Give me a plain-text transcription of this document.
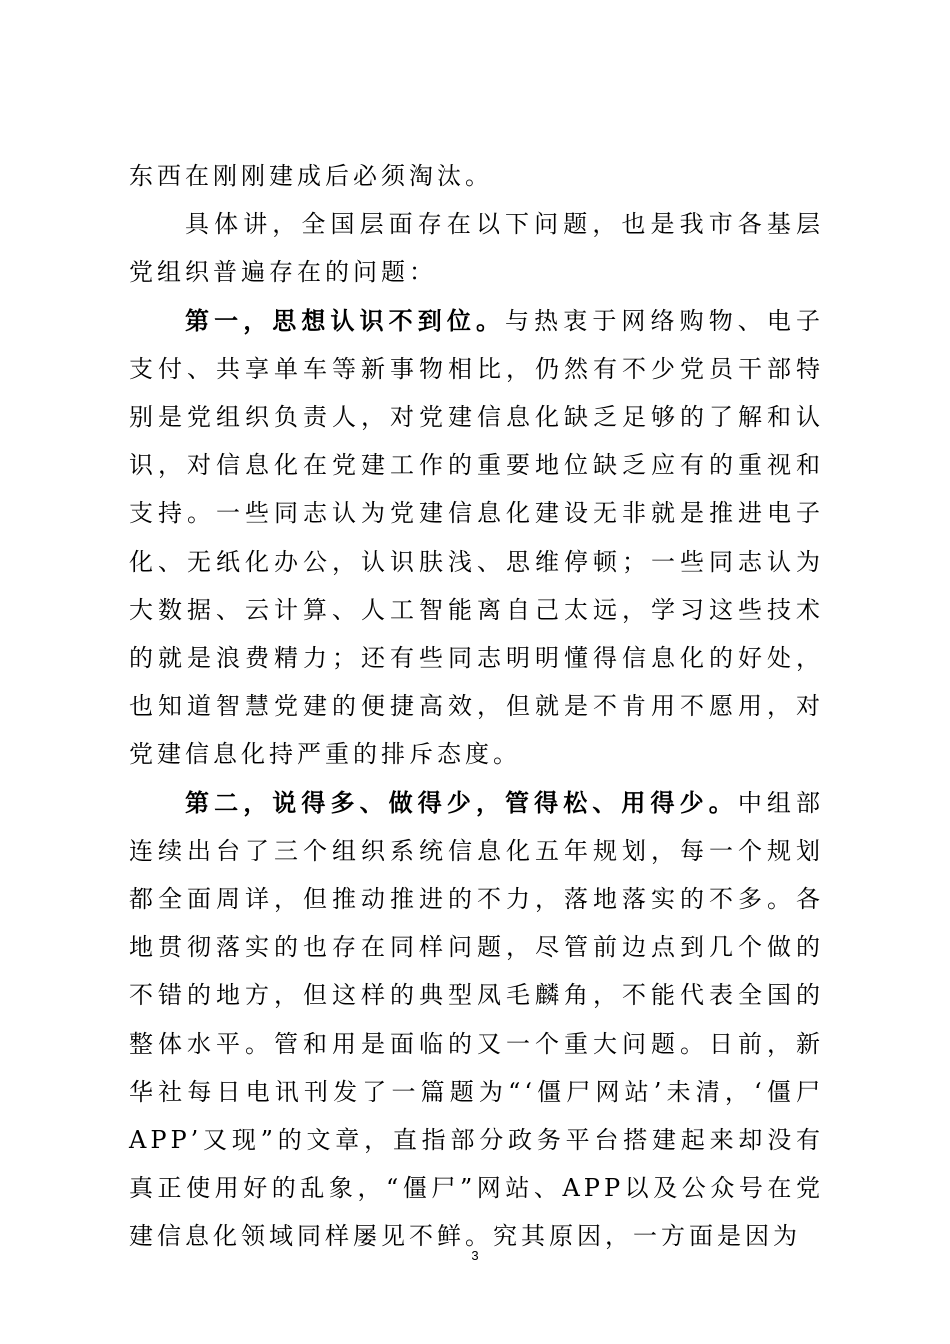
东西在刚刚建成后必须淘汰。

具体讲，全国层面存在以下问题，也是我市各基层党组织普遍存在的问题：

第一，思想认识不到位。与热衷于网络购物、电子支付、共享单车等新事物相比，仍然有不少党员干部特别是党组织负责人，对党建信息化缺乏足够的了解和认识，对信息化在党建工作的重要地位缺乏应有的重视和支持。一些同志认为党建信息化建设无非就是推进电子化、无纸化办公，认识肤浅、思维停顿；一些同志认为大数据、云计算、人工智能离自己太远，学习这些技术的就是浪费精力；还有些同志明明懂得信息化的好处，也知道智慧党建的便捷高效，但就是不肯用不愿用，对党建信息化持严重的排斥态度。

第二，说得多、做得少，管得松、用得少。中组部连续出台了三个组织系统信息化五年规划，每一个规划都全面周详，但推动推进的不力，落地落实的不多。各地贯彻落实的也存在同样问题，尽管前边点到几个做的不错的地方，但这样的典型凤毛麟角，不能代表全国的整体水平。管和用是面临的又一个重大问题。日前，新华社每日电讯刊发了一篇题为“‘僵尸网站’未清，‘僵尸APP’又现”的文章，直指部分政务平台搭建起来却没有真正使用好的乱象，“僵尸”网站、APP以及公众号在党建信息化领域同样屡见不鲜。究其原因，一方面是因为

3
